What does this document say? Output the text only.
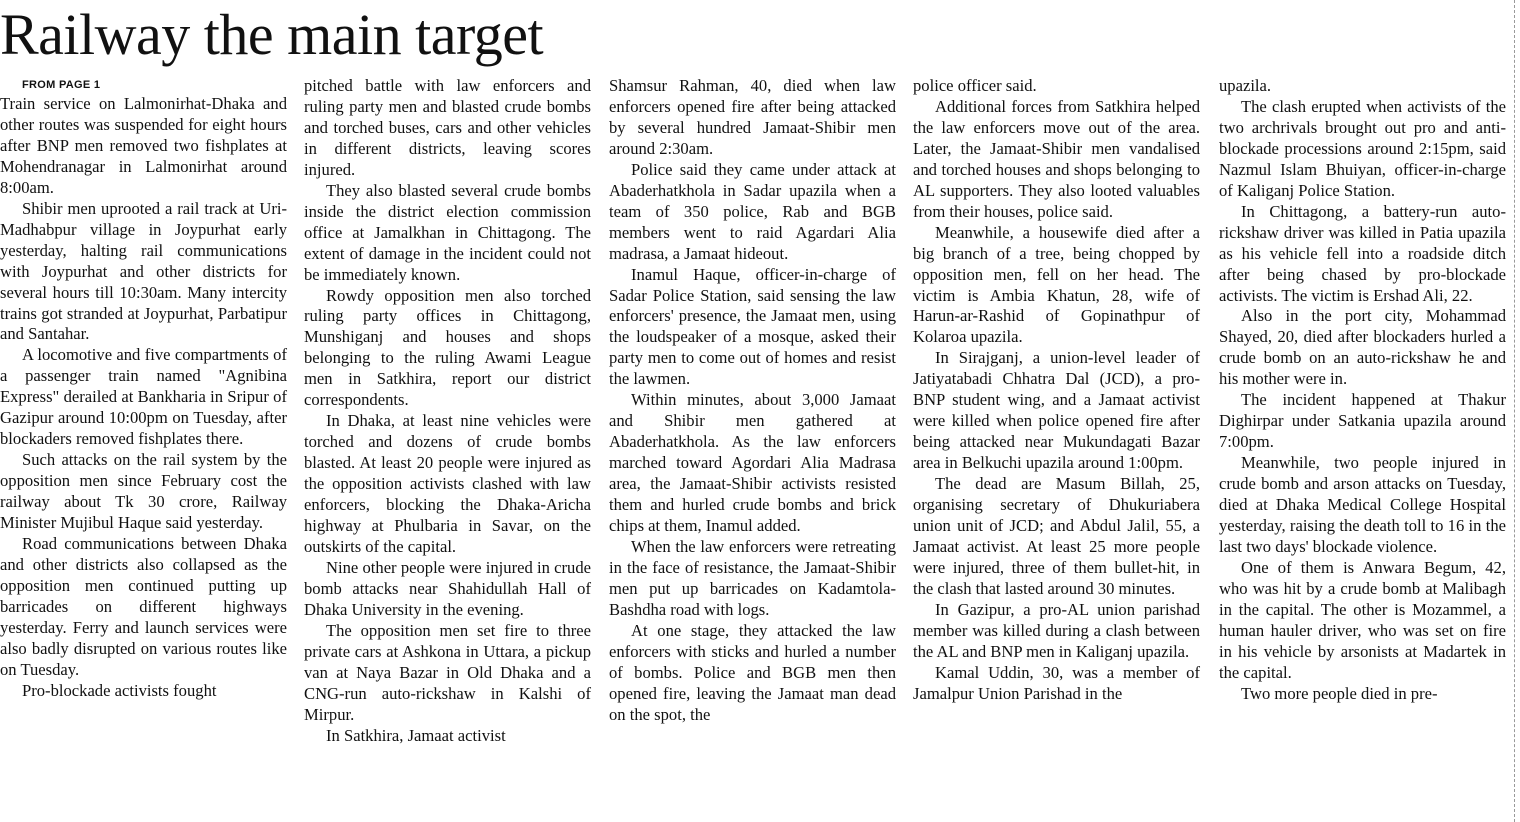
Railway the main target

FROM PAGE 1

Train service on Lalmonirhat-Dhaka and other routes was suspended for eight hours after BNP men removed two fishplates at Mohendranagar in Lalmonirhat around 8:00am.

Shibir men uprooted a rail track at Uri-Madhabpur village in Joypurhat early yesterday, halting rail communications with Joypurhat and other districts for several hours till 10:30am. Many intercity trains got stranded at Joypurhat, Parbatipur and Santahar.

A locomotive and five compartments of a passenger train named "Agnibina Express" derailed at Bankharia in Sripur of Gazipur around 10:00pm on Tuesday, after blockaders removed fishplates there.

Such attacks on the rail system by the opposition men since February cost the railway about Tk 30 crore, Railway Minister Mujibul Haque said yesterday.

Road communications between Dhaka and other districts also collapsed as the opposition men continued putting up barricades on different highways yesterday. Ferry and launch services were also badly disrupted on various routes like on Tuesday.

Pro-blockade activists fought

pitched battle with law enforcers and ruling party men and blasted crude bombs and torched buses, cars and other vehicles in different districts, leaving scores injured.

They also blasted several crude bombs inside the district election commission office at Jamalkhan in Chittagong. The extent of damage in the incident could not be immediately known.

Rowdy opposition men also torched ruling party offices in Chittagong, Munshiganj and houses and shops belonging to the ruling Awami League men in Satkhira, report our district correspondents.

In Dhaka, at least nine vehicles were torched and dozens of crude bombs blasted. At least 20 people were injured as the opposition activists clashed with law enforcers, blocking the Dhaka-Aricha highway at Phulbaria in Savar, on the outskirts of the capital.

Nine other people were injured in crude bomb attacks near Shahidullah Hall of Dhaka University in the evening.

The opposition men set fire to three private cars at Ashkona in Uttara, a pickup van at Naya Bazar in Old Dhaka and a CNG-run auto-rickshaw in Kalshi of Mirpur.

In Satkhira, Jamaat activist

Shamsur Rahman, 40, died when law enforcers opened fire after being attacked by several hundred Jamaat-Shibir men around 2:30am.

Police said they came under attack at Abaderhatkhola in Sadar upazila when a team of 350 police, Rab and BGB members went to raid Agardari Alia madrasa, a Jamaat hideout.

Inamul Haque, officer-in-charge of Sadar Police Station, said sensing the law enforcers' presence, the Jamaat men, using the loudspeaker of a mosque, asked their party men to come out of homes and resist the lawmen.

Within minutes, about 3,000 Jamaat and Shibir men gathered at Abaderhatkhola. As the law enforcers marched toward Agordari Alia Madrasa area, the Jamaat-Shibir activists resisted them and hurled crude bombs and brick chips at them, Inamul added.

When the law enforcers were retreating in the face of resistance, the Jamaat-Shibir men put up barricades on Kadamtola-Bashdha road with logs.

At one stage, they attacked the law enforcers with sticks and hurled a number of bombs. Police and BGB men then opened fire, leaving the Jamaat man dead on the spot, the

police officer said.

Additional forces from Satkhira helped the law enforcers move out of the area. Later, the Jamaat-Shibir men vandalised and torched houses and shops belonging to AL supporters. They also looted valuables from their houses, police said.

Meanwhile, a housewife died after a big branch of a tree, being chopped by opposition men, fell on her head. The victim is Ambia Khatun, 28, wife of Harun-ar-Rashid of Gopinathpur of Kolaroa upazila.

In Sirajganj, a union-level leader of Jatiyatabadi Chhatra Dal (JCD), a pro-BNP student wing, and a Jamaat activist were killed when police opened fire after being attacked near Mukundagati Bazar area in Belkuchi upazila around 1:00pm.

The dead are Masum Billah, 25, organising secretary of Dhukuriabera union unit of JCD; and Abdul Jalil, 55, a Jamaat activist. At least 25 more people were injured, three of them bullet-hit, in the clash that lasted around 30 minutes.

In Gazipur, a pro-AL union parishad member was killed during a clash between the AL and BNP men in Kaliganj upazila.

Kamal Uddin, 30, was a member of Jamalpur Union Parishad in the

upazila.

The clash erupted when activists of the two archrivals brought out pro and anti-blockade processions around 2:15pm, said Nazmul Islam Bhuiyan, officer-in-charge of Kaliganj Police Station.

In Chittagong, a battery-run auto-rickshaw driver was killed in Patia upazila as his vehicle fell into a roadside ditch after being chased by pro-blockade activists. The victim is Ershad Ali, 22.

Also in the port city, Mohammad Shayed, 20, died after blockaders hurled a crude bomb on an auto-rickshaw he and his mother were in.

The incident happened at Thakur Dighirpar under Satkania upazila around 7:00pm.

Meanwhile, two people injured in crude bomb and arson attacks on Tuesday, died at Dhaka Medical College Hospital yesterday, raising the death toll to 16 in the last two days' blockade violence.

One of them is Anwara Begum, 42, who was hit by a crude bomb at Malibagh in the capital. The other is Mozammel, a human hauler driver, who was set on fire in his vehicle by arsonists at Madartek in the capital.

Two more people died in pre-
